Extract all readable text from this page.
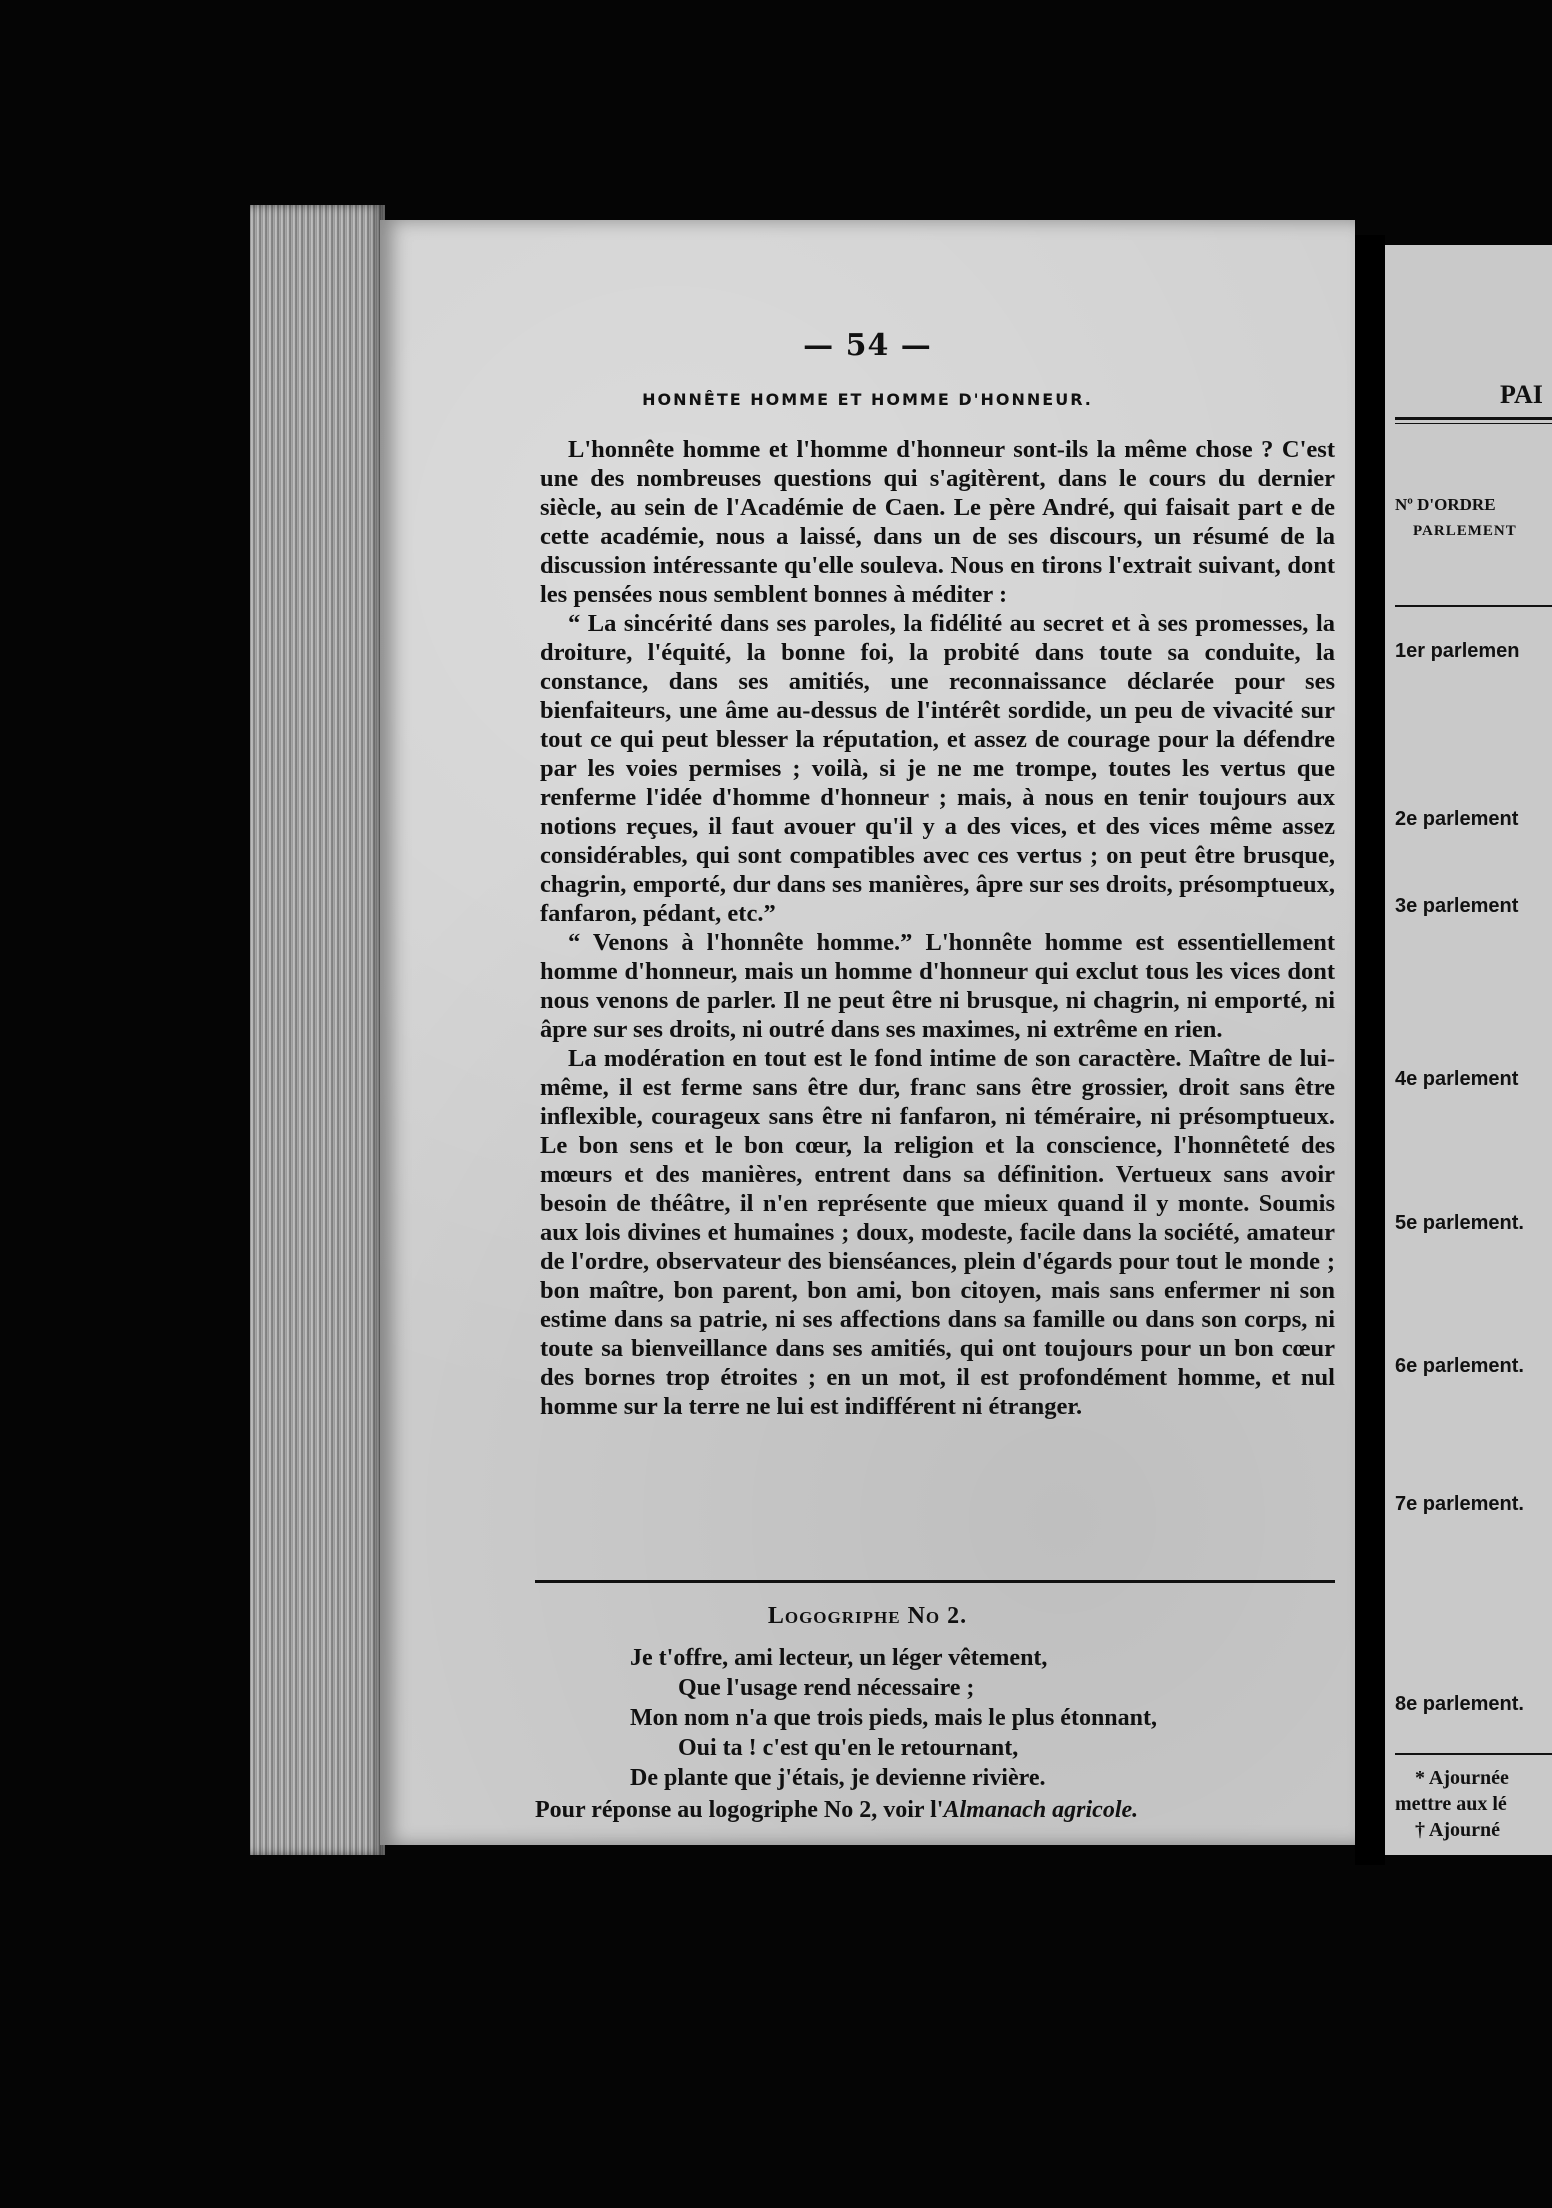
— 54 —
HONNÊTE HOMME ET HOMME D'HONNEUR.

L'honnête homme et l'homme d'honneur sont-ils la même chose ? C'est une des nombreuses questions qui s'agitèrent, dans le cours du dernier siècle, au sein de l'Académie de Caen. Le père André, qui faisait part e de cette académie, nous a laissé, dans un de ses discours, un résumé de la discussion intéressante qu'elle souleva. Nous en tirons l'extrait suivant, dont les pensées nous semblent bonnes à méditer :

“ La sincérité dans ses paroles, la fidélité au secret et à ses promesses, la droiture, l'équité, la bonne foi, la probité dans toute sa conduite, la constance, dans ses amitiés, une reconnaissance déclarée pour ses bienfaiteurs, une âme au-dessus de l'intérêt sordide, un peu de vivacité sur tout ce qui peut blesser la réputation, et assez de courage pour la défendre par les voies permises ; voilà, si je ne me trompe, toutes les vertus que renferme l'idée d'homme d'honneur ; mais, à nous en tenir toujours aux notions reçues, il faut avouer qu'il y a des vices, et des vices même assez considérables, qui sont compatibles avec ces vertus ; on peut être brusque, chagrin, emporté, dur dans ses manières, âpre sur ses droits, présomptueux, fanfaron, pédant, etc.”

“ Venons à l'honnête homme.” L'honnête homme est essentiellement homme d'honneur, mais un homme d'honneur qui exclut tous les vices dont nous venons de parler. Il ne peut être ni brusque, ni chagrin, ni emporté, ni âpre sur ses droits, ni outré dans ses maximes, ni extrême en rien.

La modération en tout est le fond intime de son caractère. Maître de lui-même, il est ferme sans être dur, franc sans être grossier, droit sans être inflexible, courageux sans être ni fanfaron, ni téméraire, ni présomptueux. Le bon sens et le bon cœur, la religion et la conscience, l'honnêteté des mœurs et des manières, entrent dans sa définition. Vertueux sans avoir besoin de théâtre, il n'en représente que mieux quand il y monte. Soumis aux lois divines et humaines ; doux, modeste, facile dans la société, amateur de l'ordre, observateur des bienséances, plein d'égards pour tout le monde ; bon maître, bon parent, bon ami, bon citoyen, mais sans enfermer ni son estime dans sa patrie, ni ses affections dans sa famille ou dans son corps, ni toute sa bienveillance dans ses amitiés, qui ont toujours pour un bon cœur des bornes trop étroites ; en un mot, il est profondément homme, et nul homme sur la terre ne lui est indifférent ni étranger.

Logogriphe No 2.
Je t'offre, ami lecteur, un léger vêtement,
Que l'usage rend nécessaire ;
Mon nom n'a que trois pieds, mais le plus étonnant,
Oui ta ! c'est qu'en le retournant,
De plante que j'étais, je devienne rivière.
Pour réponse au logogriphe No 2, voir l'Almanach agricole.
PAI
Nº D'ORDRE
PARLEMENT
1er parlemen
2e parlement
3e parlement
4e parlement
5e parlement.
6e parlement.
7e parlement.
8e parlement.
* Ajournée
mettre aux lé
† Ajourné
